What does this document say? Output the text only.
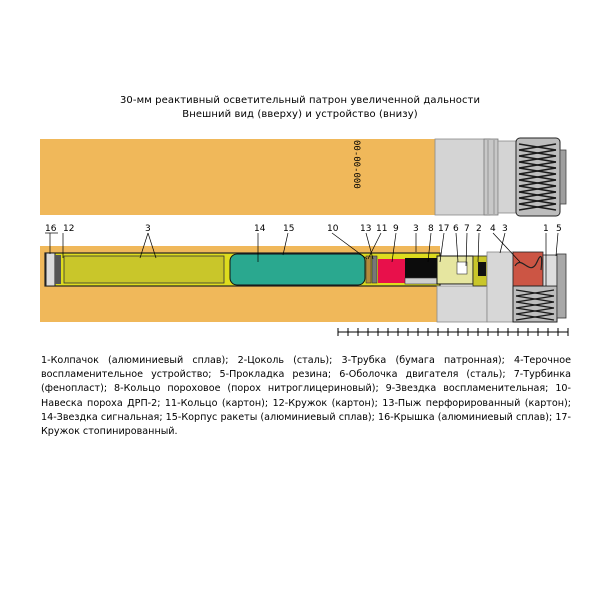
30-мм реактивный осветительный патрон увеличенной дальности
Внешний вид (вверху) и устройство (внизу)
00-00-000
16 12	3	14 15	10 13 11 9 3 8 17 6 7 2 4 3	1 5
1-Колпачок (алюминиевый сплав); 2-Цоколь (сталь); 3-Трубка (бумага патронная); 4-Терочное воспламенительное устройство; 5-Прокладка резина; 6-Оболочка двигателя (сталь); 7-Турбинка (фенопласт); 8-Кольцо пороховое (порох нитроглицериновый); 9-Звездка воспламенительная; 10-Навеска пороха ДРП-2; 11-Кольцо (картон); 12-Кружок (картон); 13-Пыж перфорированный (картон); 14-Звездка сигнальная; 15-Корпус ракеты (алюминиевый сплав); 16-Крышка (алюминиевый сплав); 17-Кружок стопинированный.
